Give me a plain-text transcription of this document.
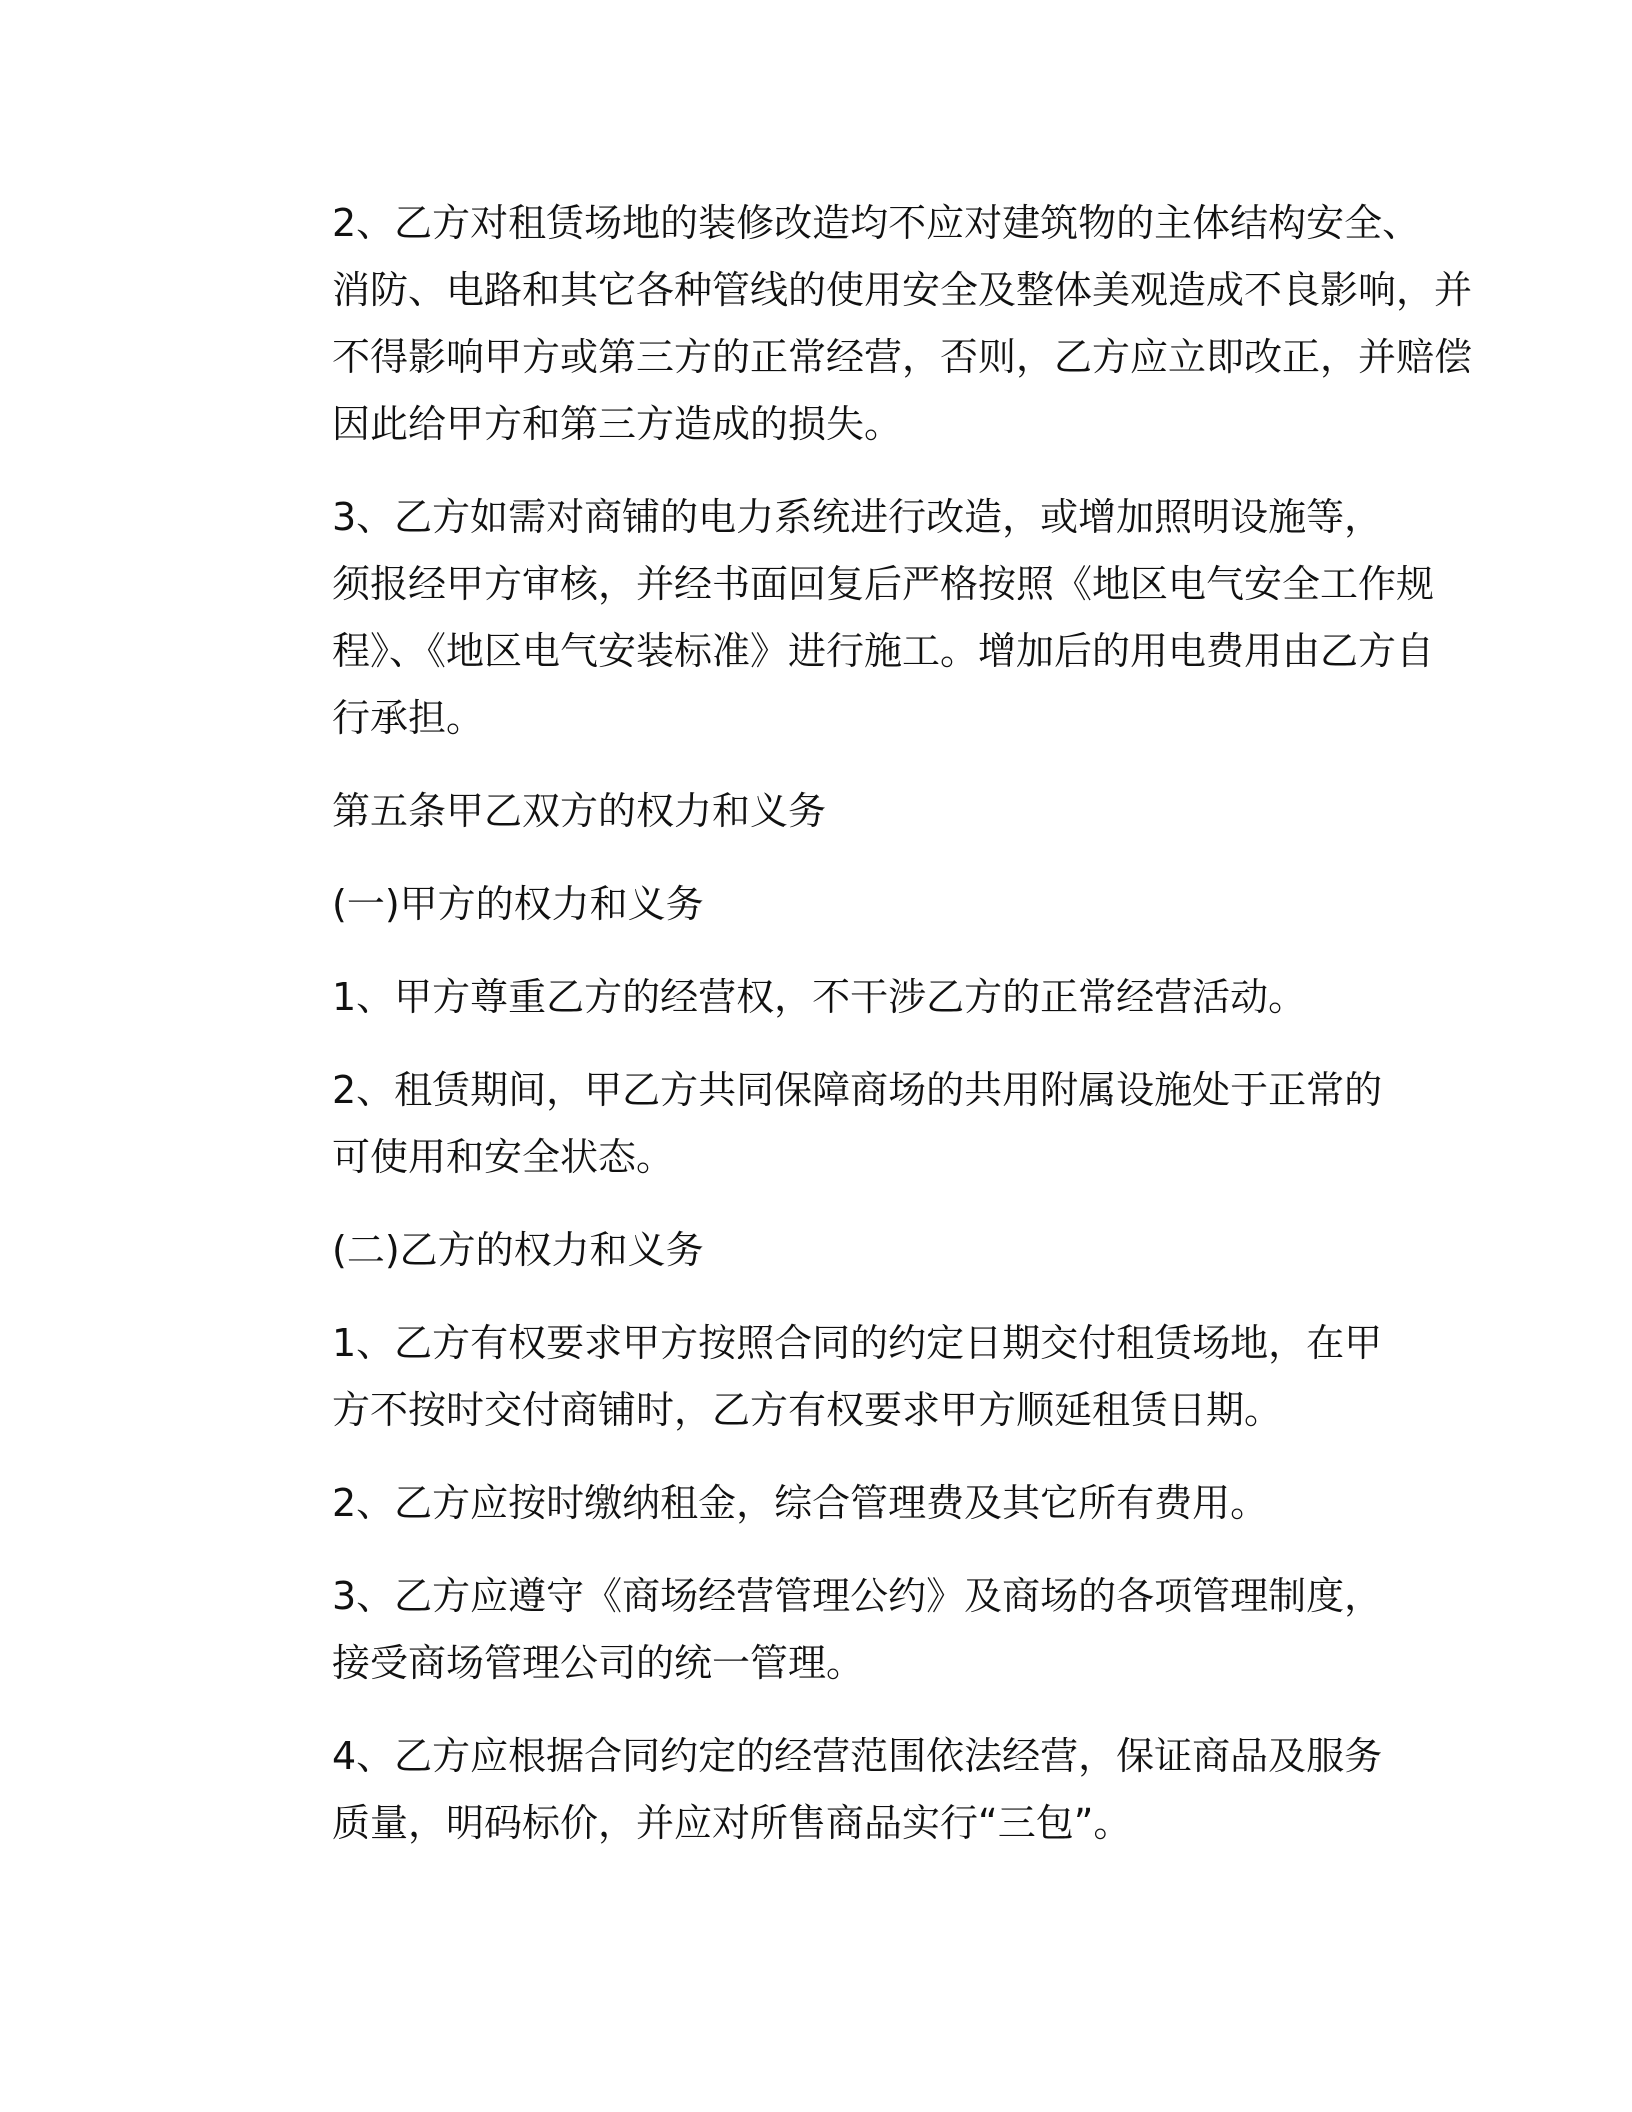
2、乙方对租赁场地的装修改造均不应对建筑物的主体结构安全、
消防、电路和其它各种管线的使用安全及整体美观造成不良影响，并
不得影响甲方或第三方的正常经营，否则，乙方应立即改正，并赔偿
因此给甲方和第三方造成的损失。

3、乙方如需对商铺的电力系统进行改造，或增加照明设施等，
须报经甲方审核，并经书面回复后严格按照《地区电气安全工作规
程》、《地区电气安装标准》进行施工。增加后的用电费用由乙方自
行承担。

第五条甲乙双方的权力和义务

(一)甲方的权力和义务

1、甲方尊重乙方的经营权，不干涉乙方的正常经营活动。

2、租赁期间，甲乙方共同保障商场的共用附属设施处于正常的
可使用和安全状态。

(二)乙方的权力和义务

1、乙方有权要求甲方按照合同的约定日期交付租赁场地，在甲
方不按时交付商铺时，乙方有权要求甲方顺延租赁日期。

2、乙方应按时缴纳租金，综合管理费及其它所有费用。

3、乙方应遵守《商场经营管理公约》及商场的各项管理制度，
接受商场管理公司的统一管理。

4、乙方应根据合同约定的经营范围依法经营，保证商品及服务
质量，明码标价，并应对所售商品实行“三包”。
